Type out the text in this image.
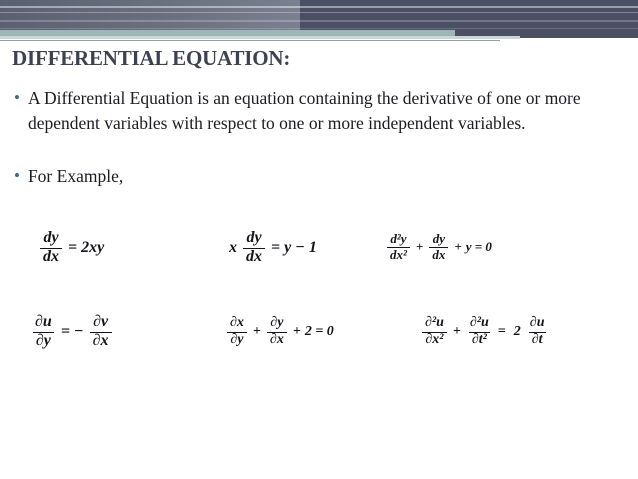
DIFFERENTIAL EQUATION:
• A Differential Equation is an equation containing the derivative of one or more dependent variables with respect to one or more independent variables.
• For Example,
$\frac{dy}{dx} = 2xy$	x $\frac{dy}{dx} = y - 1$	$\frac{\text{d²y}}{\text{dx²}} + \frac{dy}{dx} + y = 0$
$\frac{\partial u}{\partial y}$ = − $\frac{\partial v}{\partial x}$	$\frac{\partial x}{\partial y} + \frac{\partial y}{\partial x} + 2 = 0$	$\frac{\text{∂²u}}{\text{∂x²}} + \frac{\text{∂²u}}{\text{∂t²}} = 2 \frac{\partial u}{\partial t}$
